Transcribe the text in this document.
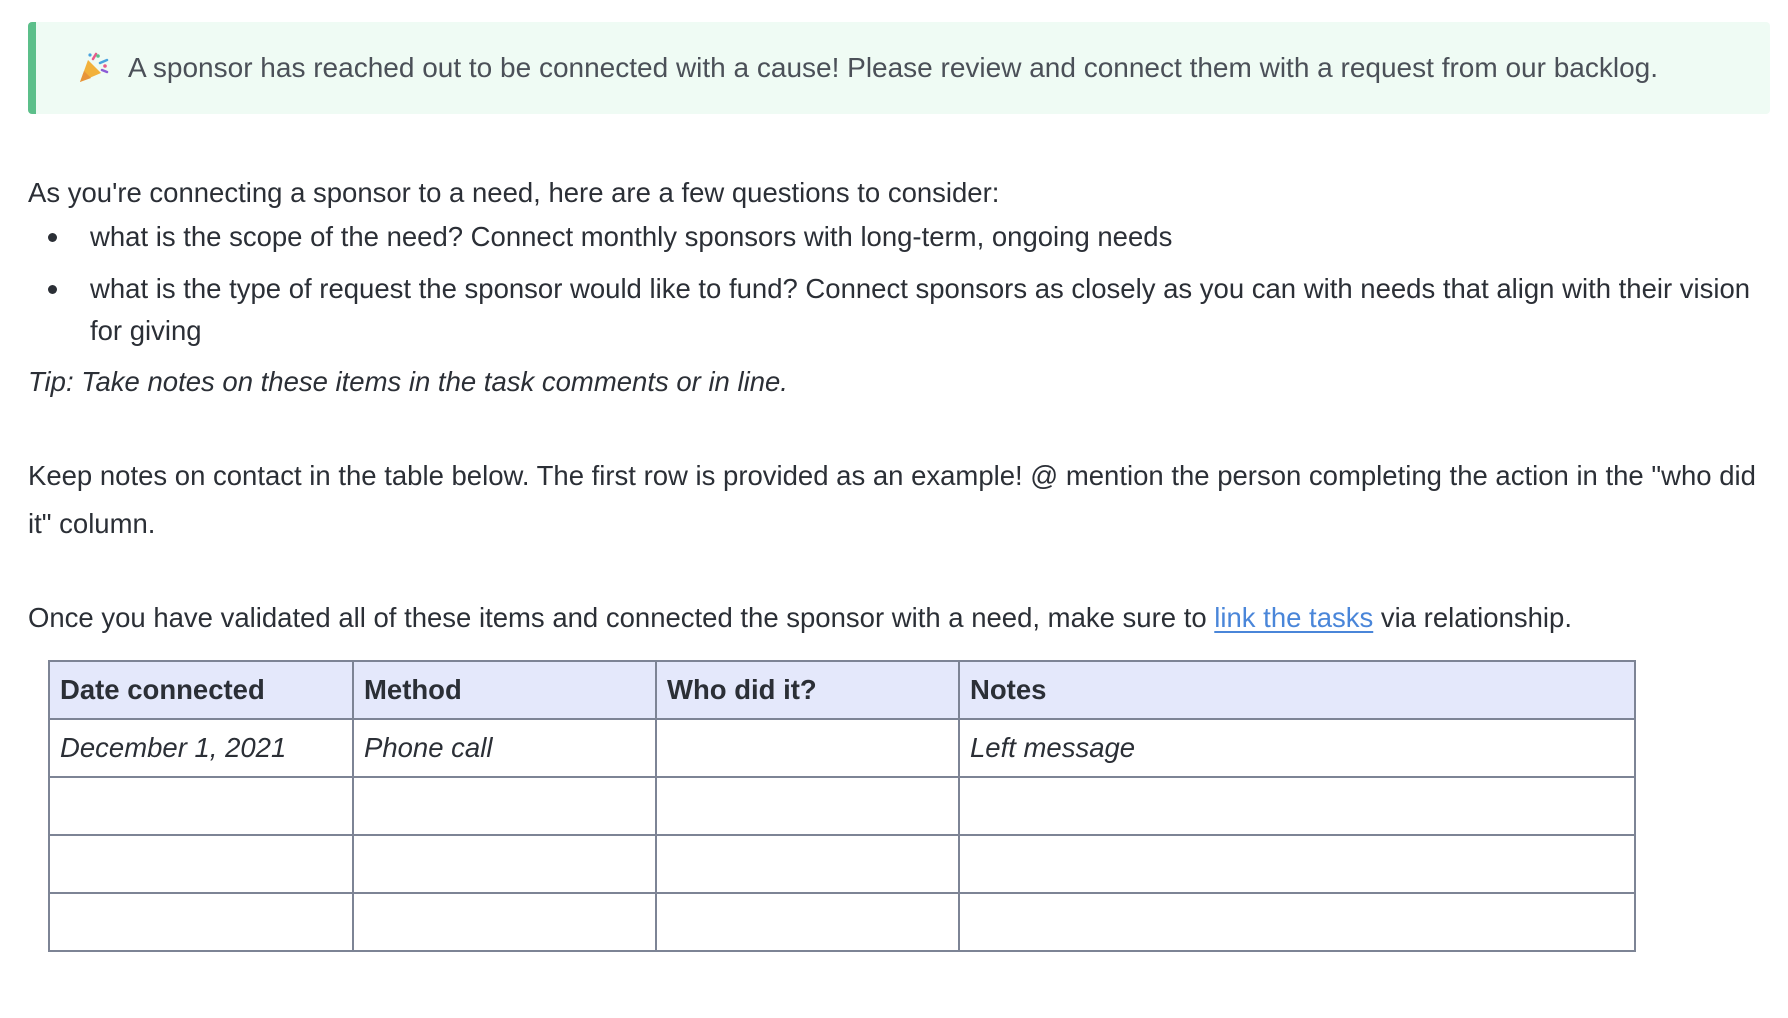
A sponsor has reached out to be connected with a cause! Please review and connect them with a request from our backlog.

As you're connecting a sponsor to a need, here are a few questions to consider:

what is the scope of the need? Connect monthly sponsors with long-term, ongoing needs
what is the type of request the sponsor would like to fund? Connect sponsors as closely as you can with needs that align with their vision for giving

Tip: Take notes on these items in the task comments or in line.

Keep notes on contact in the table below. The first row is provided as an example! @ mention the person completing the action in the "who did it" column.

Once you have validated all of these items and connected the sponsor with a need, make sure to link the tasks via relationship.

Date connected	Method	Who did it?	Notes
December 1, 2021	Phone call		Left message
